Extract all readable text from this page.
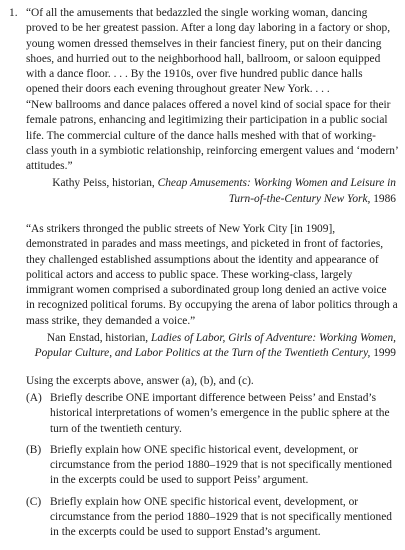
1. “Of all the amusements that bedazzled the single working woman, dancing proved to be her greatest passion. After a long day laboring in a factory or shop, young women dressed themselves in their fanciest finery, put on their dancing shoes, and hurried out to the neighborhood hall, ballroom, or saloon equipped with a dance floor. . . . By the 1910s, over five hundred public dance halls opened their doors each evening throughout greater New York. . . .

“New ballrooms and dance palaces offered a novel kind of social space for their female patrons, enhancing and legitimizing their participation in a public social life. The commercial culture of the dance halls meshed with that of working-class youth in a symbiotic relationship, reinforcing emergent values and ‘modern’ attitudes.”

Kathy Peiss, historian, Cheap Amusements: Working Women and Leisure in Turn-of-the-Century New York, 1986

“As strikers thronged the public streets of New York City [in 1909], demonstrated in parades and mass meetings, and picketed in front of factories, they challenged established assumptions about the identity and appearance of political actors and access to public space. These working-class, largely immigrant women comprised a subordinated group long denied an active voice in recognized political forums. By occupying the arena of labor politics through a mass strike, they demanded a voice.”

Nan Enstad, historian, Ladies of Labor, Girls of Adventure: Working Women, Popular Culture, and Labor Politics at the Turn of the Twentieth Century, 1999

Using the excerpts above, answer (a), (b), and (c).

(A) Briefly describe ONE important difference between Peiss’ and Enstad’s historical interpretations of women’s emergence in the public sphere at the turn of the twentieth century.
(B) Briefly explain how ONE specific historical event, development, or circumstance from the period 1880–1929 that is not specifically mentioned in the excerpts could be used to support Peiss’ argument.
(C) Briefly explain how ONE specific historical event, development, or circumstance from the period 1880–1929 that is not specifically mentioned in the excerpts could be used to support Enstad’s argument.
